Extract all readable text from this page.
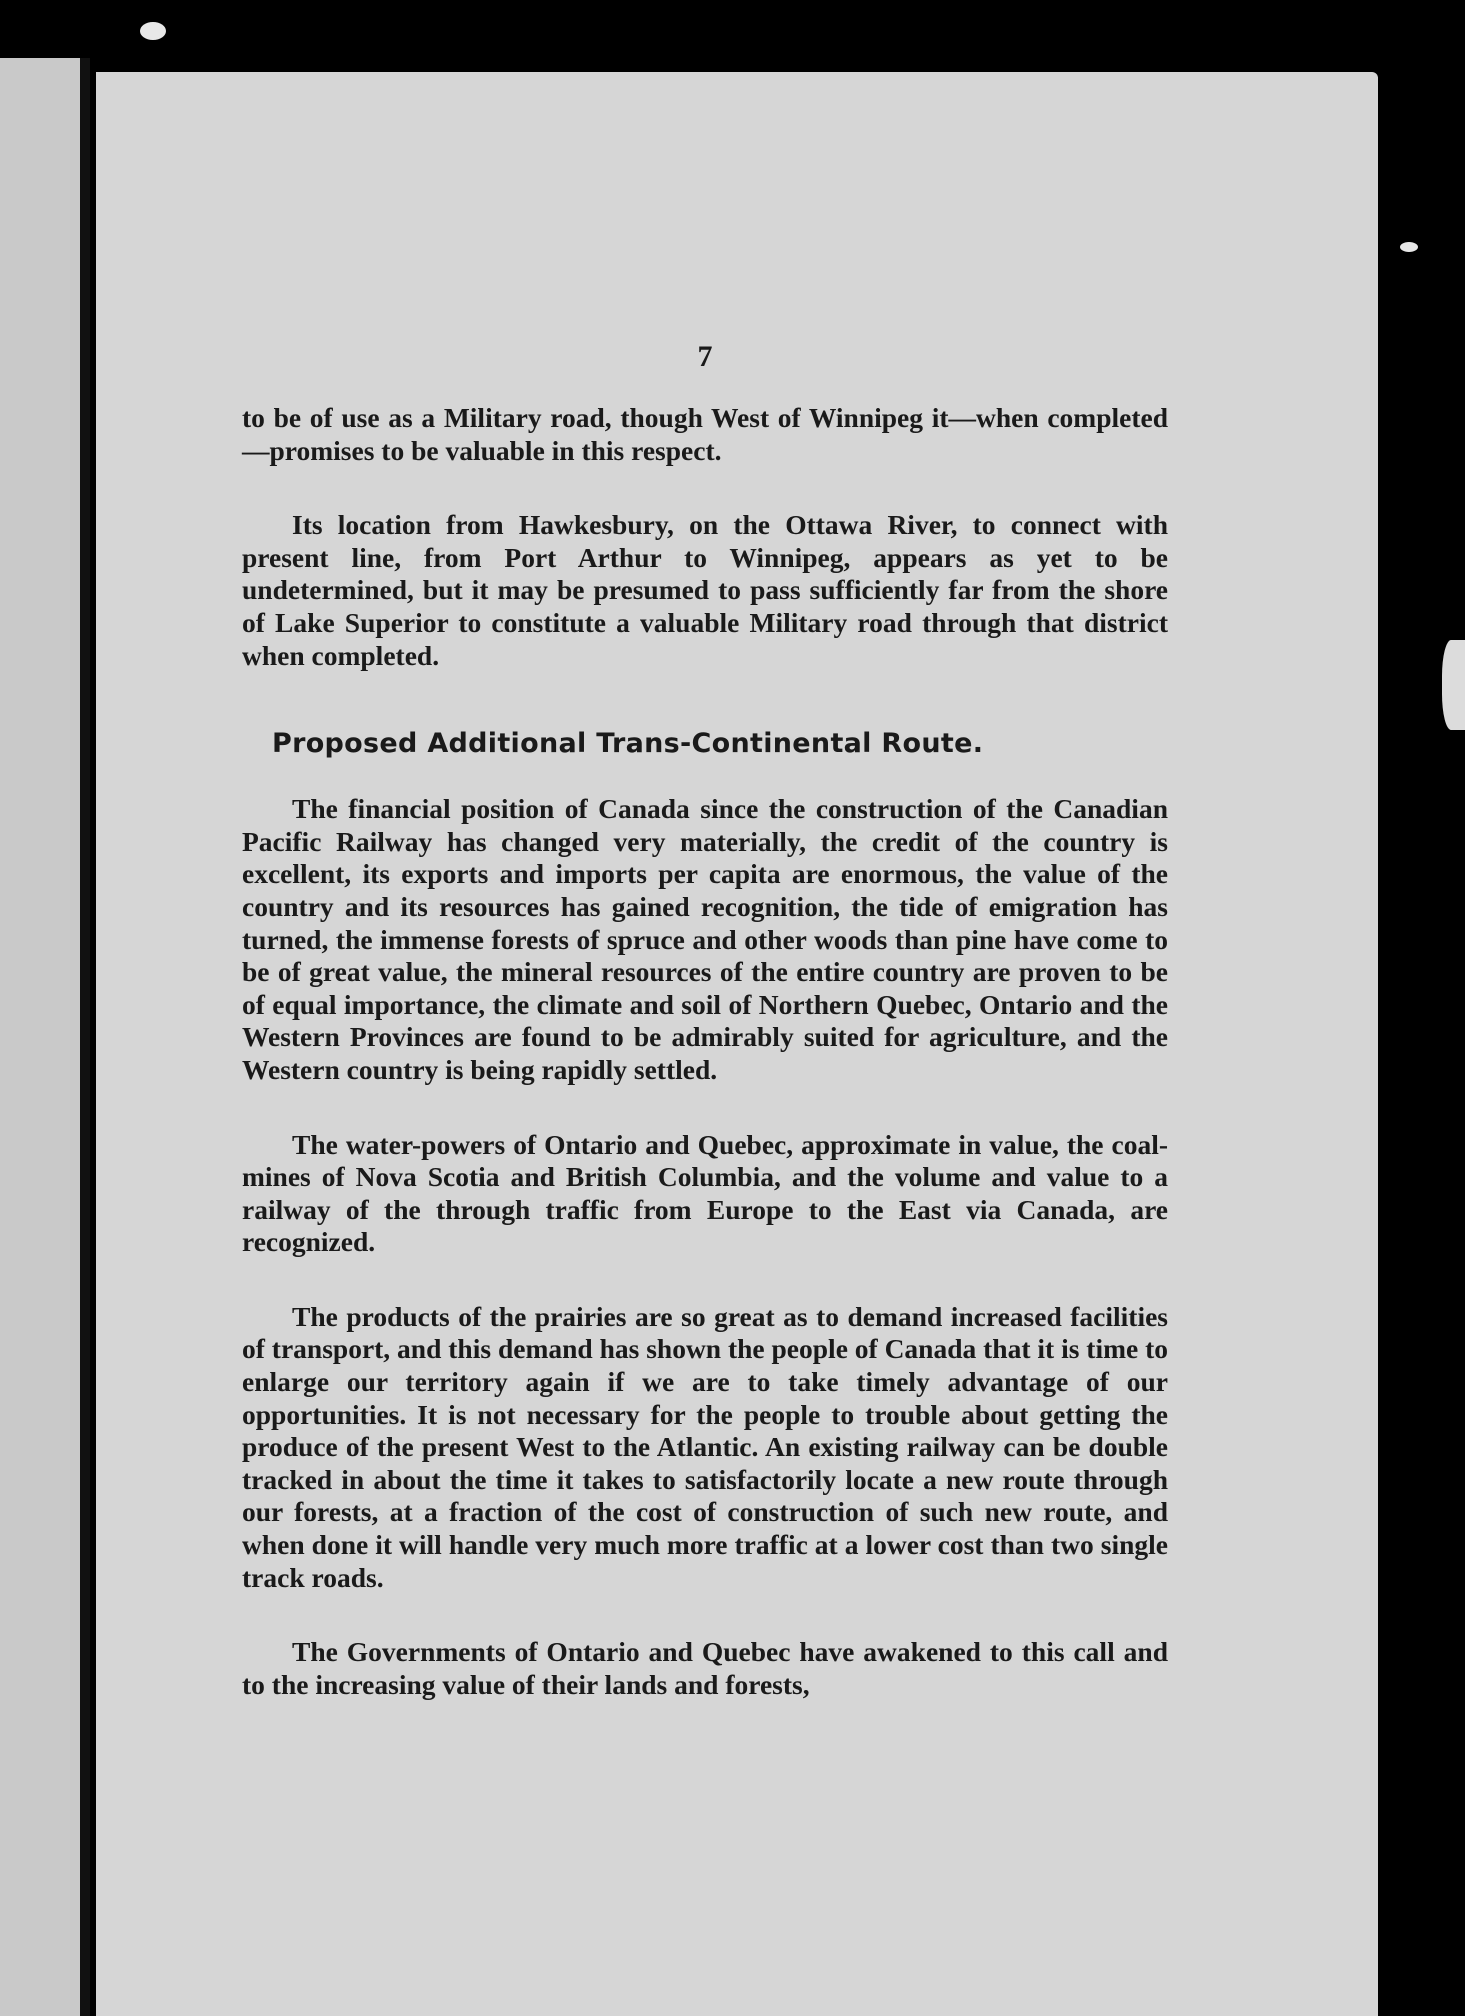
7

to be of use as a Military road, though West of Winnipeg it—when completed—promises to be valuable in this respect.

Its location from Hawkesbury, on the Ottawa River, to connect with present line, from Port Arthur to Winnipeg, appears as yet to be undetermined, but it may be presumed to pass sufficiently far from the shore of Lake Superior to constitute a valuable Military road through that district when completed.

Proposed Additional Trans-Continental Route.

The financial position of Canada since the construction of the Canadian Pacific Railway has changed very materially, the credit of the country is excellent, its exports and imports per capita are enormous, the value of the country and its resources has gained recognition, the tide of emigration has turned, the immense forests of spruce and other woods than pine have come to be of great value, the mineral resources of the entire country are proven to be of equal importance, the climate and soil of Northern Quebec, Ontario and the Western Provinces are found to be admirably suited for agriculture, and the Western country is being rapidly settled.

The water-powers of Ontario and Quebec, approximate in value, the coal-mines of Nova Scotia and British Columbia, and the volume and value to a railway of the through traffic from Europe to the East via Canada, are recognized.

The products of the prairies are so great as to demand increased facilities of transport, and this demand has shown the people of Canada that it is time to enlarge our territory again if we are to take timely advantage of our opportunities. It is not necessary for the people to trouble about getting the produce of the present West to the Atlantic. An existing railway can be double tracked in about the time it takes to satisfactorily locate a new route through our forests, at a fraction of the cost of construction of such new route, and when done it will handle very much more traffic at a lower cost than two single track roads.

The Governments of Ontario and Quebec have awakened to this call and to the increasing value of their lands and forests,
